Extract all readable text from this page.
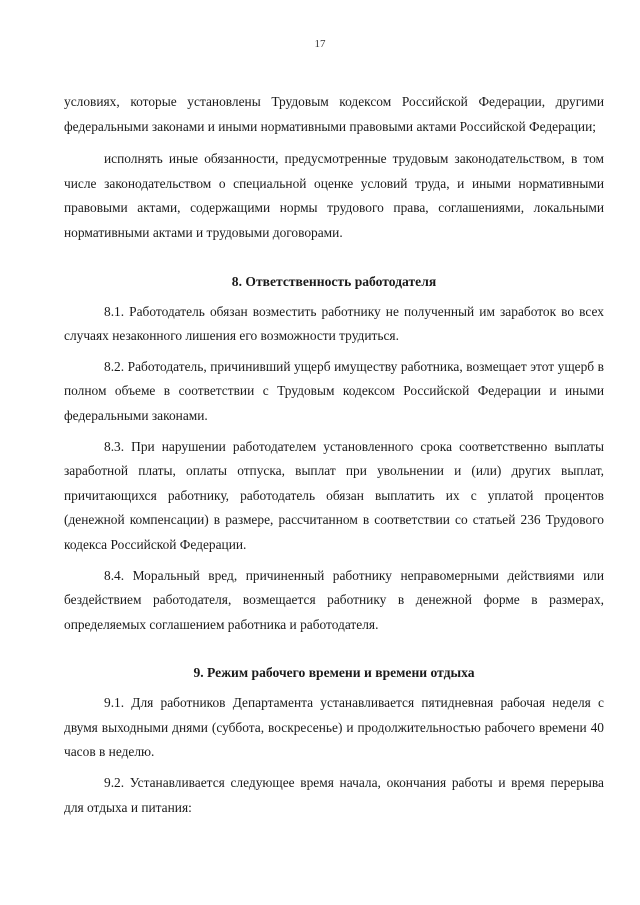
17

условиях, которые установлены Трудовым кодексом Российской Федерации, другими федеральными законами и иными нормативными правовыми актами Российской Федерации;

исполнять иные обязанности, предусмотренные трудовым законодательством, в том числе законодательством о специальной оценке условий труда, и иными нормативными правовыми актами, содержащими нормы трудового права, соглашениями, локальными нормативными актами и трудовыми договорами.

8. Ответственность работодателя

8.1. Работодатель обязан возместить работнику не полученный им заработок во всех случаях незаконного лишения его возможности трудиться.

8.2. Работодатель, причинивший ущерб имуществу работника, возмещает этот ущерб в полном объеме в соответствии с Трудовым кодексом Российской Федерации и иными федеральными законами.

8.3. При нарушении работодателем установленного срока соответственно выплаты заработной платы, оплаты отпуска, выплат при увольнении и (или) других выплат, причитающихся работнику, работодатель обязан выплатить их с уплатой процентов (денежной компенсации) в размере, рассчитанном в соответствии со статьей 236 Трудового кодекса Российской Федерации.

8.4. Моральный вред, причиненный работнику неправомерными действиями или бездействием работодателя, возмещается работнику в денежной форме в размерах, определяемых соглашением работника и работодателя.

9. Режим рабочего времени и времени отдыха

9.1. Для работников Департамента устанавливается пятидневная рабочая неделя с двумя выходными днями (суббота, воскресенье) и продолжительностью рабочего времени 40 часов в неделю.

9.2. Устанавливается следующее время начала, окончания работы и время перерыва для отдыха и питания:
